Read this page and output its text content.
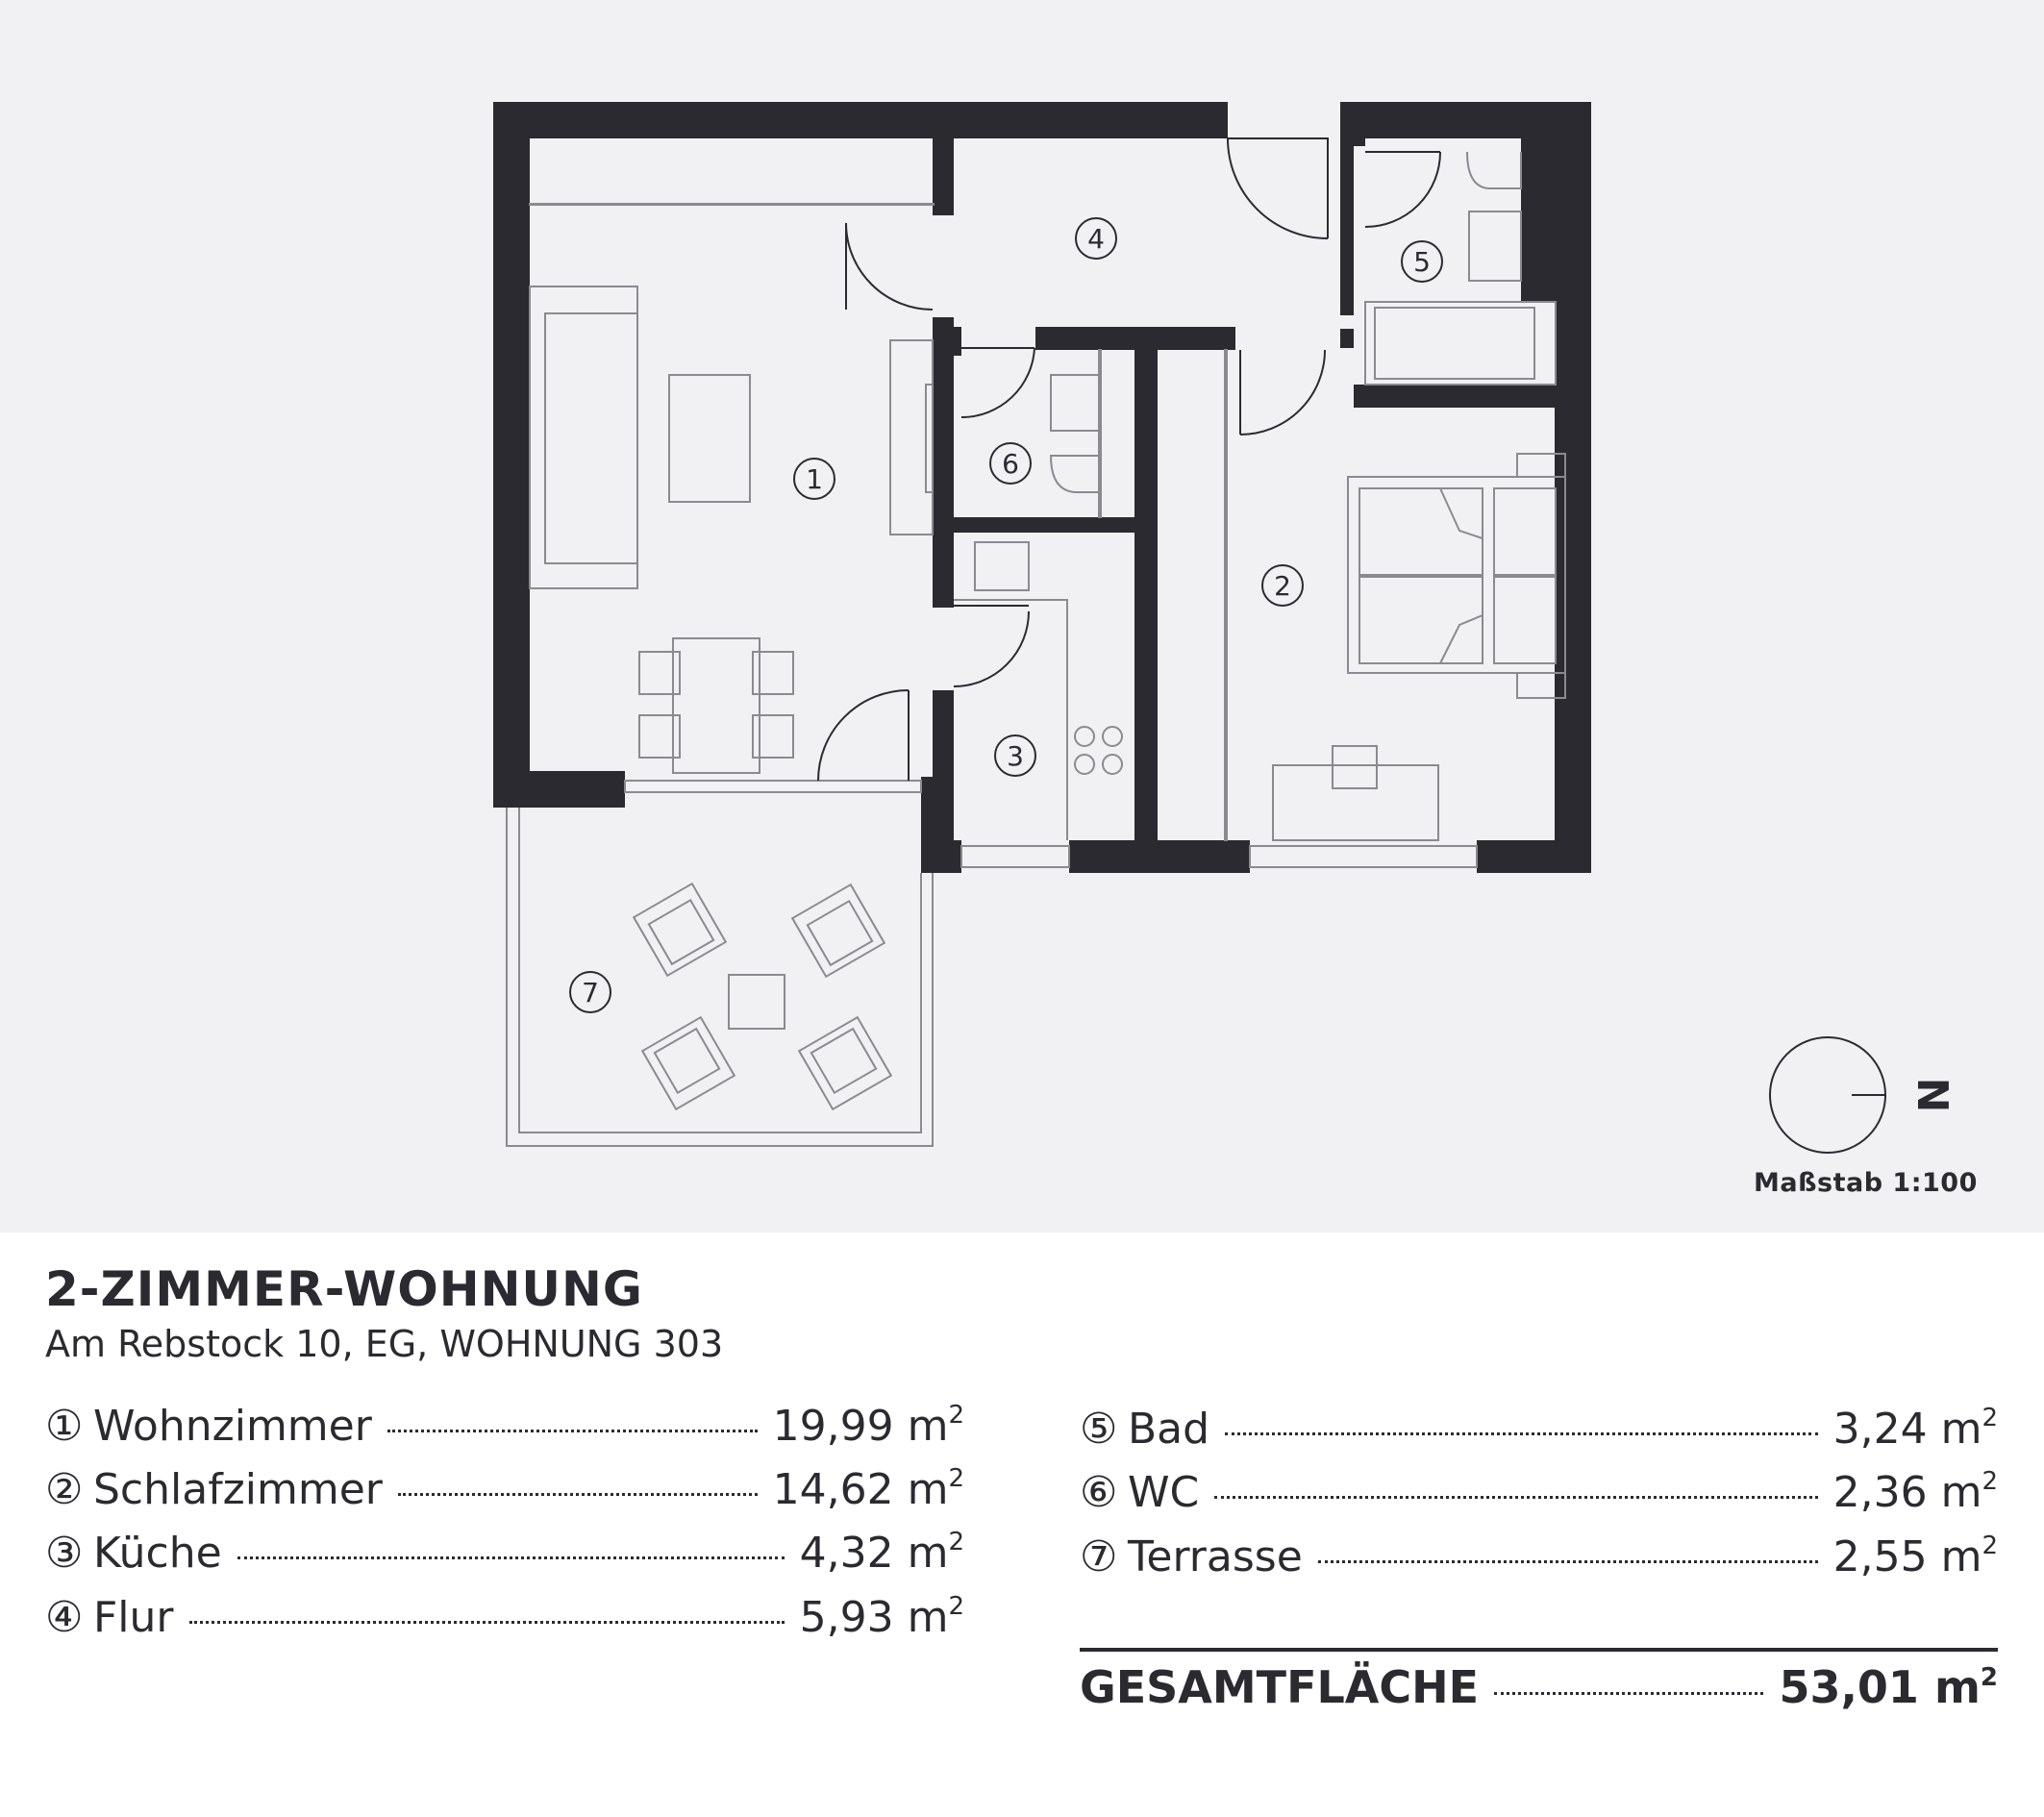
1
2
3
4
5
6
7
N
Maßstab 1:100
2-ZIMMER-WOHNUNG
Am Rebstock 10, EG, WOHNUNG 303
① Wohnzimmer	19,99 $m^2$
② Schlafzimmer	14,62 $m^2$
③ Küche	4,32 $m^2$
④ Flur	5,93 $m^2$
⑤ Bad	3,24 $m^2$
⑥ WC	2,36 $m^2$
⑦ Terrasse	2,55 $m^2$
GESAMTFLÄCHE	53,01 $m^2$
